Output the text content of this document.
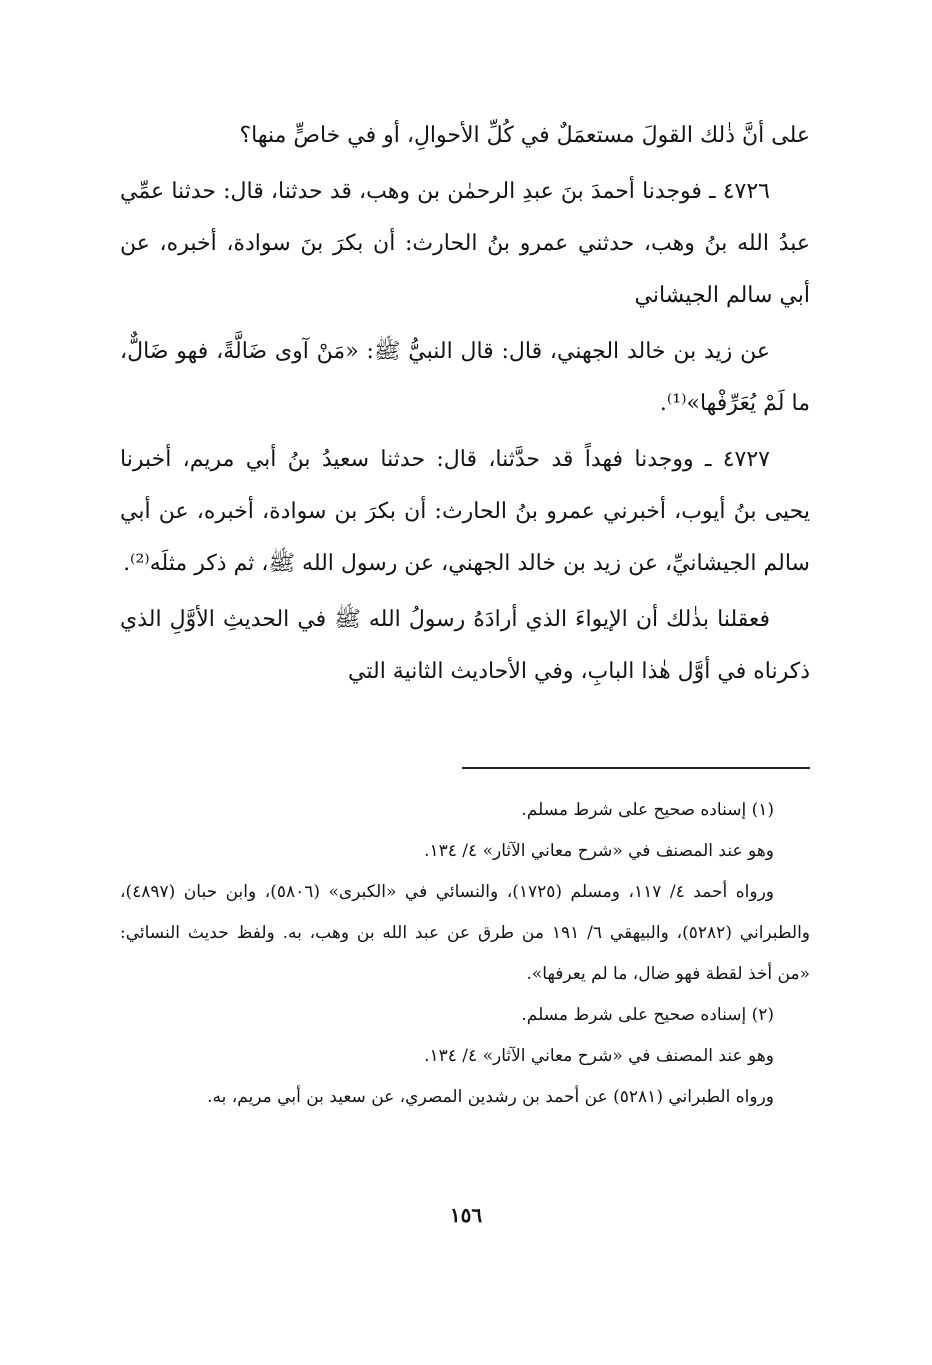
على أنَّ ذٰلك القولَ مستعمَلٌ في كُلِّ الأحوالِ، أو في خاصٍّ منها؟

٤٧٢٦ ـ فوجدنا أحمدَ بنَ عبدِ الرحمٰن بن وهب، قد حدثنا، قال: حدثنا عمِّي عبدُ الله بنُ وهب، حدثني عمرو بنُ الحارث: أن بكرَ بنَ سوادة، أخبره، عن أبي سالم الجيشاني

عن زيد بن خالد الجهني، قال: قال النبيُّ ﷺ: «مَنْ آوى ضَالَّةً، فهو ضَالٌّ، ما لَمْ يُعَرِّفْها»⁽¹⁾.

٤٧٢٧ ـ ووجدنا فهداً قد حدَّثنا، قال: حدثنا سعيدُ بنُ أبي مريم، أخبرنا يحيى بنُ أيوب، أخبرني عمرو بنُ الحارث: أن بكرَ بن سوادة، أخبره، عن أبي سالم الجيشانيِّ، عن زيد بن خالد الجهني، عن رسول الله ﷺ، ثم ذكر مثلَه⁽²⁾.

فعقلنا بذٰلك أن الإيواءَ الذي أرادَهُ رسولُ الله ﷺ في الحديثِ الأوَّلِ الذي ذكرناه في أوَّل هٰذا البابِ، وفي الأحاديث الثانية التي

(١) إسناده صحيح على شرط مسلم.

وهو عند المصنف في «شرح معاني الآثار» ٤/ ١٣٤.

ورواه أحمد ٤/ ١١٧، ومسلم (١٧٢٥)، والنسائي في «الكبرى» (٥٨٠٦)، وابن حبان (٤٨٩٧)، والطبراني (٥٢٨٢)، والبيهقي ٦/ ١٩١ من طرق عن عبد الله بن وهب، به. ولفظ حديث النسائي: «من أخذ لقطة فهو ضال، ما لم يعرفها».

(٢) إسناده صحيح على شرط مسلم.

وهو عند المصنف في «شرح معاني الآثار» ٤/ ١٣٤.

ورواه الطبراني (٥٢٨١) عن أحمد بن رشدين المصري، عن سعيد بن أبي مريم، به.

١٥٦
